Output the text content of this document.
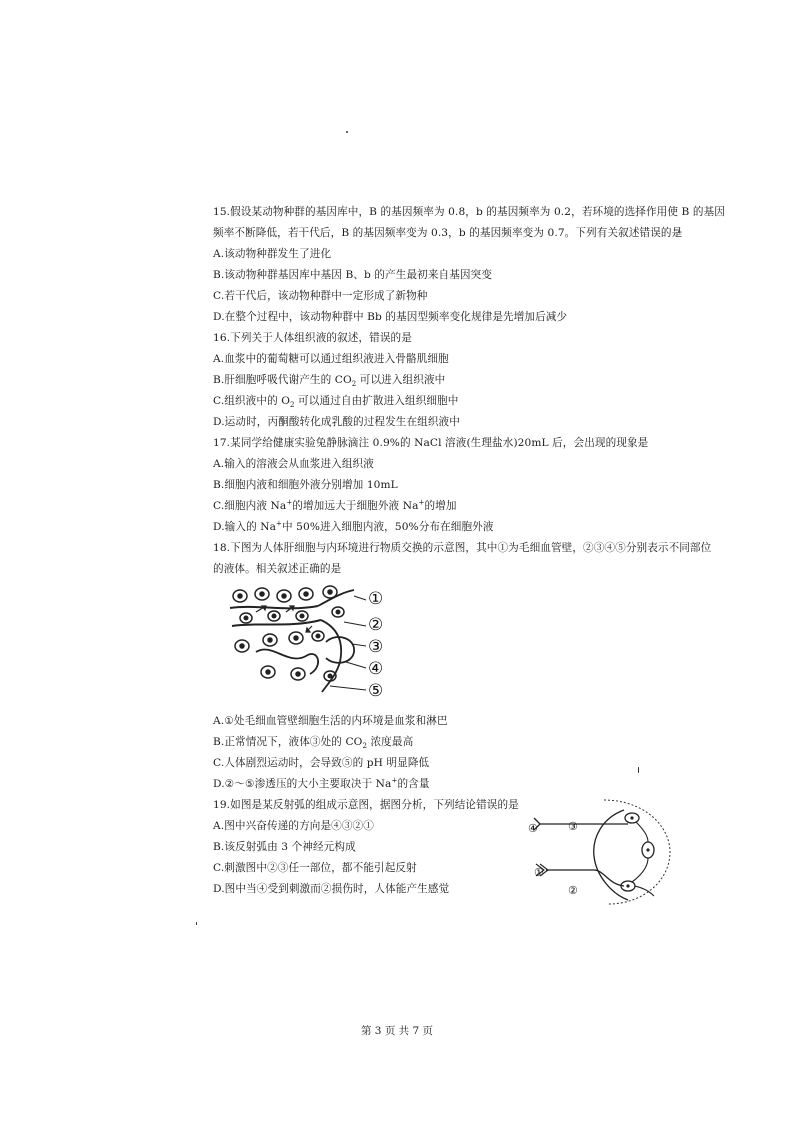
15.假设某动物种群的基因库中，B 的基因频率为 0.8，b 的基因频率为 0.2，若环境的选择作用使 B 的基因
频率不断降低，若干代后，B 的基因频率变为 0.3，b 的基因频率变为 0.7。下列有关叙述错误的是
A.该动物种群发生了进化
B.该动物种群基因库中基因 B、b 的产生最初来自基因突变
C.若干代后，该动物种群中一定形成了新物种
D.在整个过程中，该动物种群中 Bb 的基因型频率变化规律是先增加后减少
16.下列关于人体组织液的叙述，错误的是
A.血浆中的葡萄糖可以通过组织液进入骨骼肌细胞
B.肝细胞呼吸代谢产生的 $CO_2$ 可以进入组织液中
C.组织液中的 $O_2$ 可以通过自由扩散进入组织细胞中
D.运动时，丙酮酸转化成乳酸的过程发生在组织液中
17.某同学给健康实验兔静脉滴注 0.9%的 NaCl 溶液(生理盐水)20mL 后，会出现的现象是
A.输入的溶液会从血浆进入组织液
B.细胞内液和细胞外液分别增加 10mL
C.细胞内液 Na+的增加远大于细胞外液 Na+的增加
D.输入的 Na+中 50%进入细胞内液，50%分布在细胞外液
18.下图为人体肝细胞与内环境进行物质交换的示意图，其中①为毛细血管壁，②③④⑤分别表示不同部位
的液体。相关叙述正确的是
①
②
③
④
⑤
A.①处毛细血管壁细胞生活的内环境是血浆和淋巴
B.正常情况下，液体③处的 $CO_2$ 浓度最高
C.人体剧烈运动时，会导致⑤的 pH 明显降低
D.②～⑤渗透压的大小主要取决于 Na+的含量
19.如图是某反射弧的组成示意图，据图分析，下列结论错误的是
A.图中兴奋传递的方向是④③②①
B.该反射弧由 3 个神经元构成
C.刺激图中②③任一部位，都不能引起反射
D.图中当④受到刺激而②损伤时，人体能产生感觉
④	③
①
②
第 3 页 共 7 页
